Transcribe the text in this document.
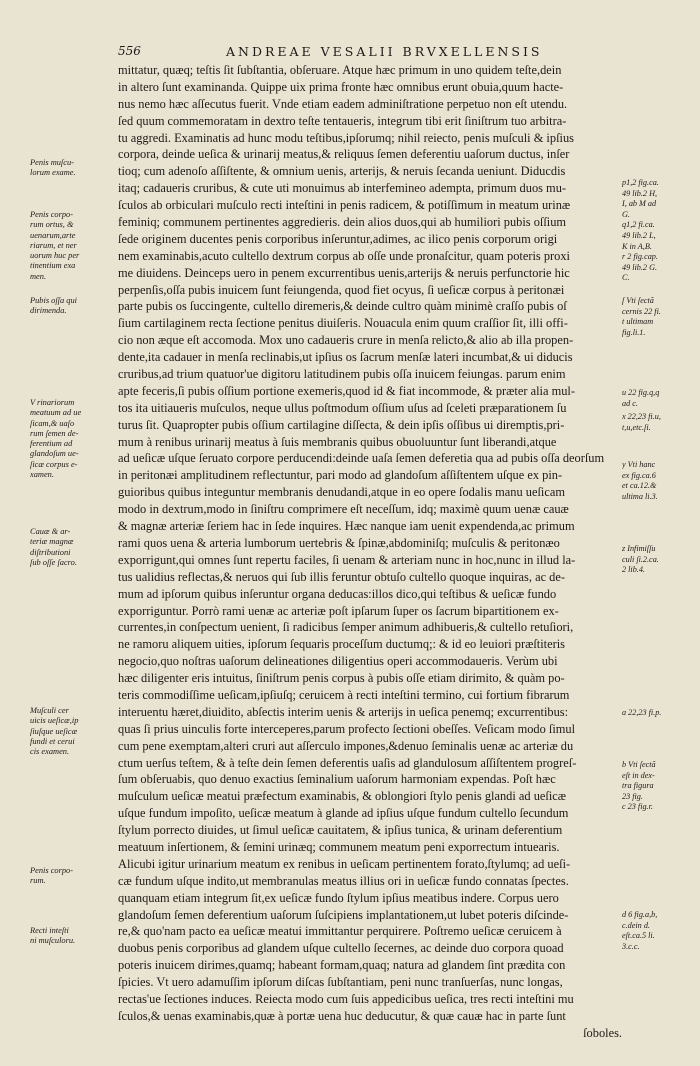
556	ANDREAE VESALII BRVXELLENSIS
mittatur, quæq; teſtis ſit ſubſtantia, obſeruare. Atque hæc primum in uno quidem teſte,dein
in altero ſunt examinanda. Quippe uix prima fronte hæc omnibus erunt obuia,quum hacte-
nus nemo hæc aſſecutus fuerit. Vnde etiam eadem adminiſtratione perpetuo non eſt utendu.
ſed quum commemoratam in dextro teſte tentaueris, integrum tibi erit ſiniſtrum tuo arbitra-
tu aggredi. Examinatis ad hunc modu teſtibus,ipſorumq; nihil reiecto, penis muſculi & ipſius
corpora, deinde ueſica & urinarij meatus,& reliquus ſemen deferentiu uaſorum ductus, inſer
tioq; cum adenoſo aſſiſtente, & omnium uenis, arterijs, & neruis ſecanda ueniunt. Diducdis
itaq; cadaueris cruribus, & cute uti monuimus ab interfemineo adempta, primum duos mu-
ſculos ab orbiculari muſculo recti inteſtini in penis radicem, & potiſſimum in meatum urinæ
feminiq; communem pertinentes aggredieris. dein alios duos,qui ab humiliori pubis oſſium
ſede originem ducentes penis corporibus inſeruntur,adimes, ac ilico penis corporum origi
nem examinabis,acuto cultello dextrum corpus ab oſſe unde pronaſcitur, quam poteris proxi
me diuidens. Deinceps uero in penem excurrentibus uenis,arterijs & neruis perfunctorie hic
perpenſis,oſſa pubis inuicem ſunt feiungenda, quod fiet ocyus, ſi ueſicæ corpus à peritonæi
parte pubis os ſuccingente, cultello diremeris,& deinde cultro quàm minimè craſſo pubis oſ
ſium cartilaginem recta ſectione penitus diuiſeris. Nouacula enim quum craſſior ſit, illi offi-
cio non æque eſt accomoda. Mox uno cadaueris crure in menſa relicto,& alio ab illa propen-
dente,ita cadauer in menſa reclinabis,ut ipſius os ſacrum menſæ lateri incumbat,& ui diducis
cruribus,ad trium quatuor'ue digitoru latitudinem pubis oſſa inuicem feiungas. parum enim
apte feceris,ſi pubis oſſium portione exemeris,quod id & fiat incommode, & præter alia mul-
tos ita uitiaueris muſculos, neque ullus poſtmodum oſſium uſus ad ſceleti præparationem ſu
turus ſit. Quapropter pubis oſſium cartilagine diſſecta, & dein ipſis oſſibus ui diremptis,pri-
mum à renibus urinarij meatus à ſuis membranis quibus obuoluuntur ſunt liberandi,atque
ad ueſicæ uſque ſeruato corpore perducendi:deinde uaſa ſemen deferetia qua ad pubis oſſa deorſum
in peritonæi amplitudinem reflectuntur, pari modo ad glandoſum aſſiſtentem uſque ex pin-
guioribus quibus integuntur membranis denudandi,atque in eo opere ſodalis manu ueſicam
modo in dextrum,modo in ſiniſtru comprimere eſt neceſſum, idq; maximè quum uenæ cauæ
& magnæ arteriæ ſeriem hac in ſede inquires. Hæc nanque iam uenit expendenda,ac primum
rami quos uena & arteria lumborum uertebris & ſpinæ,abdominiſq; muſculis & peritonæo
exporrigunt,qui omnes ſunt repertu faciles, ſi uenam & arteriam nunc in hoc,nunc in illud la-
tus ualidius reflectas,& neruos qui ſub illis feruntur obtuſo cultello quoque inquiras, ac de-
mum ad ipſorum quibus inſeruntur organa deducas:illos dico,qui teſtibus & ueſicæ fundo
exporriguntur. Porrò rami uenæ ac arteriæ poſt ipſarum ſuper os ſacrum bipartitionem ex-
currentes,in conſpectum uenient, ſi radicibus ſemper animum adhibueris,& cultello retuſiori,
ne ramoru aliquem uities, ipſorum ſequaris proceſſum ductumq;: & id eo leuiori præſtiteris
negocio,quo noſtras uaſorum delineationes diligentius operi accommodaueris. Verùm ubi
hæc diligenter eris intuitus, ſiniſtrum penis corpus à pubis oſſe etiam dirimito, & quàm po-
teris commodiſſime ueſicam,ipſiuſq; ceruicem à recti inteſtini termino, cui fortium fibrarum
interuentu hæret,diuidito, abſectis interim uenis & arterijs in ueſica penemq; excurrentibus:
quas ſi prius uinculis forte interceperes,parum profecto ſectioni obeſſes. Veſicam modo ſimul
cum pene exemptam,alteri cruri aut aſſerculo impones,&denuo ſeminalis uenæ ac arteriæ du
ctum uerſus teſtem, & à teſte dein ſemen deferentis uaſis ad glandulosum aſſiſtentem progreſ-
ſum obſeruabis, quo denuo exactius ſeminalium uaſorum harmoniam expendas. Poſt hæc
muſculum ueſicæ meatui præfectum examinabis, & oblongiori ſtylo penis glandi ad ueſicæ
uſque fundum impoſito, ueſicæ meatum à glande ad ipſius uſque fundum cultello ſecundum
ſtylum porrecto diuides, ut ſimul ueſicæ cauitatem, & ipſius tunica, & urinam deferentium
meatuum inſertionem, & ſemini urinæq; communem meatum peni exporrectum intuearis.
Alicubi igitur urinarium meatum ex renibus in ueſicam pertinentem forato,ſtylumq; ad ueſi-
cæ fundum uſque indito,ut membranulas meatus illius ori in ueſicæ fundo connatas ſpectes.
quanquam etiam integrum ſit,ex ueſicæ fundo ſtylum ipſius meatibus indere. Corpus uero
glandoſum ſemen deferentium uaſorum ſuſcipiens implantationem,ut lubet poteris diſcinde-
re,& quo'nam pacto ea ueſicæ meatui immittantur perquirere. Poſtremo ueſicæ ceruicem à
duobus penis corporibus ad glandem uſque cultello ſecernes, ac deinde duo corpora quoad
poteris inuicem dirimes,quamq; habeant formam,quaq; natura ad glandem ſint prædita con
ſpicies. Vt uero adamuſſim ipſorum diſcas ſubſtantiam, peni nunc tranſuerſas, nunc longas,
rectas'ue ſectiones induces. Reiecta modo cum ſuis appedicibus ueſica, tres recti inteſtini mu
ſculos,& uenas examinabis,quæ à portæ uena huc deducutur, & quæ cauæ hac in parte ſunt
ſoboles.
Penis muſcu-
lorum exame.
Penis corpo-
rum ortus, &
uenarum,arte
riarum, et ner
uorum huc per
tinentium exa
men.
Pubis oſſa qui
dirimenda.
V rinariorum
meatuum ad ue
ſicam,& uaſo
rum ſemen de-
ferentium ad
glandoſum ue-
ſicæ corpus e-
xamen.
Cauæ & ar-
teriæ magnæ
diſtributioni
ſub oſſe ſacro.
Muſculi cer
uicis ueſicæ,ip
ſiuſque ueſicæ
fundi et cerui
cis examen.
Penis corpo-
rum.
Recti inteſti
ni muſculoru.
p1,2 fig.ca.
49 lib.2 H,
I, ab M ad
G.
q1,2 fi.ca.
49 lib.2 L,
K in A,B.
r 2 fig.cap.
49 lib.2 G.
C.
ſ Vti ſectã
cernis 22 fi.
t ultimam
fig.li.1.
u 22 fig.q,q
ad c.
x 22,23 fi.u,
t,u,etc.ſi.
y Vti hanc
ex fig.ca.6
et ca.12.&
ultima li.3.
z Infimiſſu
culi ſi.2.ca.
2 lib.4.
a 22,23 fi.p.
b Vti ſectã
eſt in dex-
tra figura
23 fig.
c 23 fig.r.
d 6 fig.a,b,
c.dein d.
eſt.ca.5 li.
3.c.c.
